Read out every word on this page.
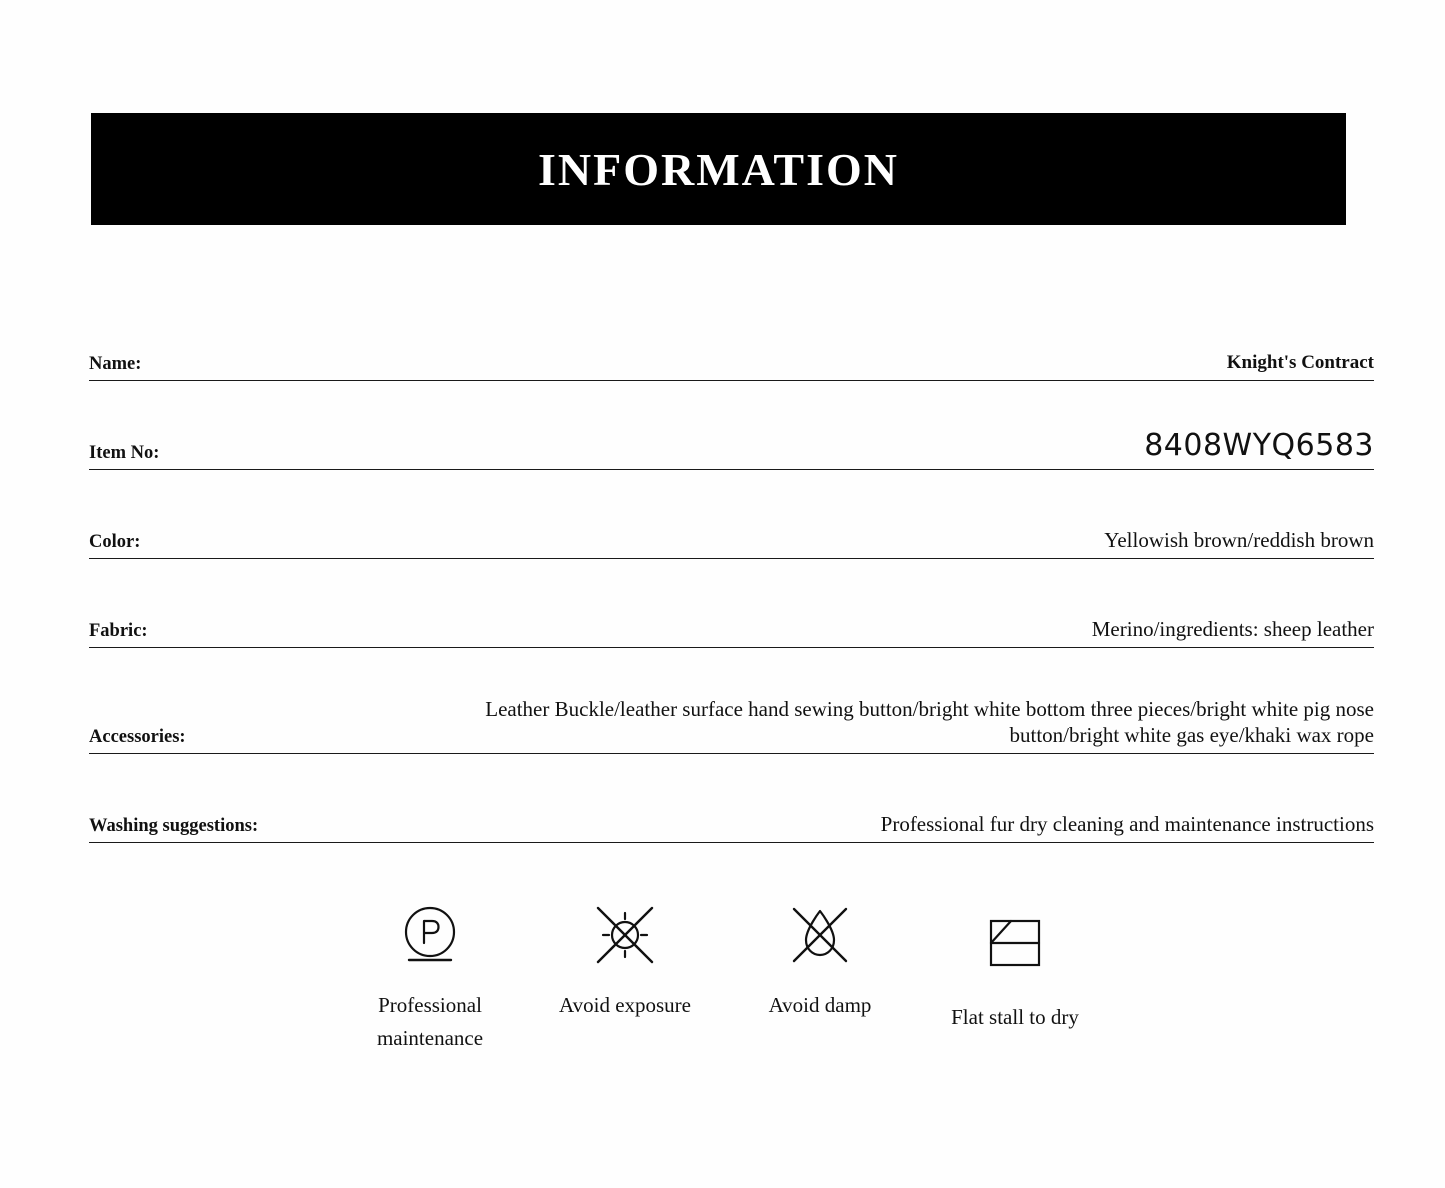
INFORMATION
Name:	Knight's Contract
Item No:	8408WYQ6583
Color:	Yellowish brown/reddish brown
Fabric:	Merino/ingredients: sheep leather
Accessories:
Leather Buckle/leather surface hand sewing button/bright white bottom three pieces/bright white pig nose button/bright white gas eye/khaki wax rope
Washing suggestions:	Professional fur dry cleaning and maintenance instructions
Professional maintenance
Avoid exposure	Avoid damp	Flat stall to dry
